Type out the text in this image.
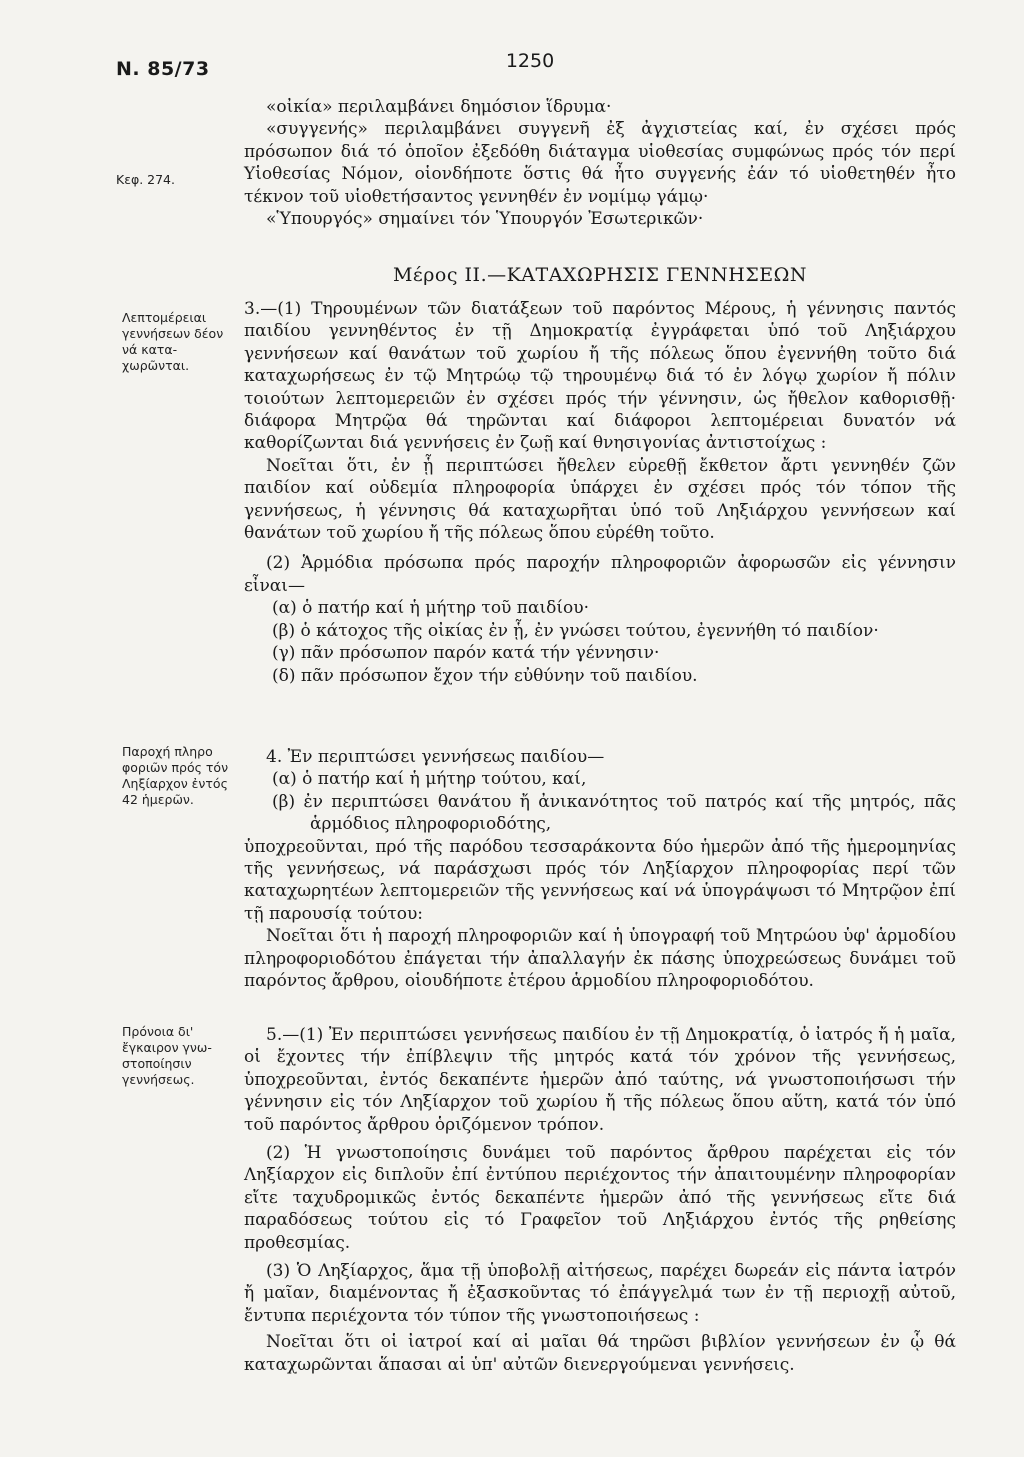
Ν. 85/73	1250
Κεφ. 274.
Λεπτομέρειαι γεννήσεων δέον νά κατα-χωρῶνται.
Παροχή πληρο φοριῶν πρός τόν Ληξίαρχον ἐντός 42 ἡμερῶν.
Πρόνοια δι' ἔγκαιρον γνω-στοποίησιν γεννήσεως.

«οἰκία» περιλαμβάνει δημόσιον ἵδρυμα·

«συγγενής» περιλαμβάνει συγγενῆ ἐξ ἀγχιστείας καί, ἐν σχέσει πρός πρόσωπον διά τό ὁποῖον ἐξεδόθη διάταγμα υἱοθεσίας συμφώνως πρός τόν περί Υἱοθεσίας Νόμον, οἱονδήποτε ὅστις θά ἦτο συγγενής ἐάν τό υἱοθετηθέν ἦτο τέκνον τοῦ υἱοθετήσαντος γεννηθέν ἐν νομίμῳ γάμῳ·

«Ὑπουργός» σημαίνει τόν Ὑπουργόν Ἐσωτερικῶν·

Μέρος ΙΙ.—ΚΑΤΑΧΩΡΗΣΙΣ ΓΕΝΝΗΣΕΩΝ

3.—(1) Τηρουμένων τῶν διατάξεων τοῦ παρόντος Μέρους, ἡ γέννησις παντός παιδίου γεννηθέντος ἐν τῇ Δημοκρατίᾳ ἐγγράφεται ὑπό τοῦ Ληξιάρχου γεννήσεων καί θανάτων τοῦ χωρίου ἤ τῆς πόλεως ὅπου ἐγεννήθη τοῦτο διά καταχωρήσεως ἐν τῷ Μητρώῳ τῷ τηρουμένῳ διά τό ἐν λόγῳ χωρίον ἤ πόλιν τοιούτων λεπτομερειῶν ἐν σχέσει πρός τήν γέννησιν, ὡς ἤθελον καθορισθῇ· διάφορα Μητρῷα θά τηρῶνται καί διάφοροι λεπτομέρειαι δυνατόν νά καθορίζωνται διά γεννήσεις ἐν ζωῇ καί θνησιγονίας ἀντιστοίχως :

Νοεῖται ὅτι, ἐν ᾗ περιπτώσει ἤθελεν εὑρεθῇ ἔκθετον ἄρτι γεννηθέν ζῶν παιδίον καί οὐδεμία πληροφορία ὑπάρχει ἐν σχέσει πρός τόν τόπον τῆς γεννήσεως, ἡ γέννησις θά καταχωρῆται ὑπό τοῦ Ληξιάρχου γεννήσεων καί θανάτων τοῦ χωρίου ἤ τῆς πόλεως ὅπου εὑρέθη τοῦτο.

(2) Ἁρμόδια πρόσωπα πρός παροχήν πληροφοριῶν ἀφορωσῶν εἰς γέννησιν εἶναι—

(α) ὁ πατήρ καί ἡ μήτηρ τοῦ παιδίου·

(β) ὁ κάτοχος τῆς οἰκίας ἐν ᾗ, ἐν γνώσει τούτου, ἐγεννήθη τό παιδίον·

(γ) πᾶν πρόσωπον παρόν κατά τήν γέννησιν·

(δ) πᾶν πρόσωπον ἔχον τήν εὐθύνην τοῦ παιδίου.

4. Ἐν περιπτώσει γεννήσεως παιδίου—

(α) ὁ πατήρ καί ἡ μήτηρ τούτου, καί,

(β) ἐν περιπτώσει θανάτου ἤ ἀνικανότητος τοῦ πατρός καί τῆς μητρός, πᾶς ἁρμόδιος πληροφοριοδότης,

ὑποχρεοῦνται, πρό τῆς παρόδου τεσσαράκοντα δύο ἡμερῶν ἀπό τῆς ἡμερομηνίας τῆς γεννήσεως, νά παράσχωσι πρός τόν Ληξίαρχον πληροφορίας περί τῶν καταχωρητέων λεπτομερειῶν τῆς γεννήσεως καί νά ὑπογράψωσι τό Μητρῷον ἐπί τῇ παρουσίᾳ τούτου:

Νοεῖται ὅτι ἡ παροχή πληροφοριῶν καί ἡ ὑπογραφή τοῦ Μητρώου ὑφ' ἁρμοδίου πληροφοριοδότου ἐπάγεται τήν ἀπαλλαγήν ἐκ πάσης ὑποχρεώσεως δυνάμει τοῦ παρόντος ἄρθρου, οἱουδήποτε ἑτέρου ἁρμοδίου πληροφοριοδότου.

5.—(1) Ἐν περιπτώσει γεννήσεως παιδίου ἐν τῇ Δημοκρατίᾳ, ὁ ἰατρός ἤ ἡ μαῖα, οἱ ἔχοντες τήν ἐπίβλεψιν τῆς μητρός κατά τόν χρόνον τῆς γεννήσεως, ὑποχρεοῦνται, ἐντός δεκαπέντε ἡμερῶν ἀπό ταύτης, νά γνωστοποιήσωσι τήν γέννησιν εἰς τόν Ληξίαρχον τοῦ χωρίου ἤ τῆς πόλεως ὅπου αὕτη, κατά τόν ὑπό τοῦ παρόντος ἄρθρου ὁριζόμενον τρόπον.

(2) Ἡ γνωστοποίησις δυνάμει τοῦ παρόντος ἄρθρου παρέχεται εἰς τόν Ληξίαρχον εἰς διπλοῦν ἐπί ἐντύπου περιέχοντος τήν ἀπαιτουμένην πληροφορίαν εἴτε ταχυδρομικῶς ἐντός δεκαπέντε ἡμερῶν ἀπό τῆς γεννήσεως εἴτε διά παραδόσεως τούτου εἰς τό Γραφεῖον τοῦ Ληξιάρχου ἐντός τῆς ρηθείσης προθεσμίας.

(3) Ὁ Ληξίαρχος, ἅμα τῇ ὑποβολῇ αἰτήσεως, παρέχει δωρεάν εἰς πάντα ἰατρόν ἤ μαῖαν, διαμένοντας ἤ ἐξασκοῦντας τό ἐπάγγελμά των ἐν τῇ περιοχῇ αὐτοῦ, ἔντυπα περιέχοντα τόν τύπον τῆς γνωστοποιήσεως :

Νοεῖται ὅτι οἱ ἰατροί καί αἱ μαῖαι θά τηρῶσι βιβλίον γεννήσεων ἐν ᾧ θά καταχωρῶνται ἅπασαι αἱ ὑπ' αὐτῶν διενεργούμεναι γεννήσεις.
